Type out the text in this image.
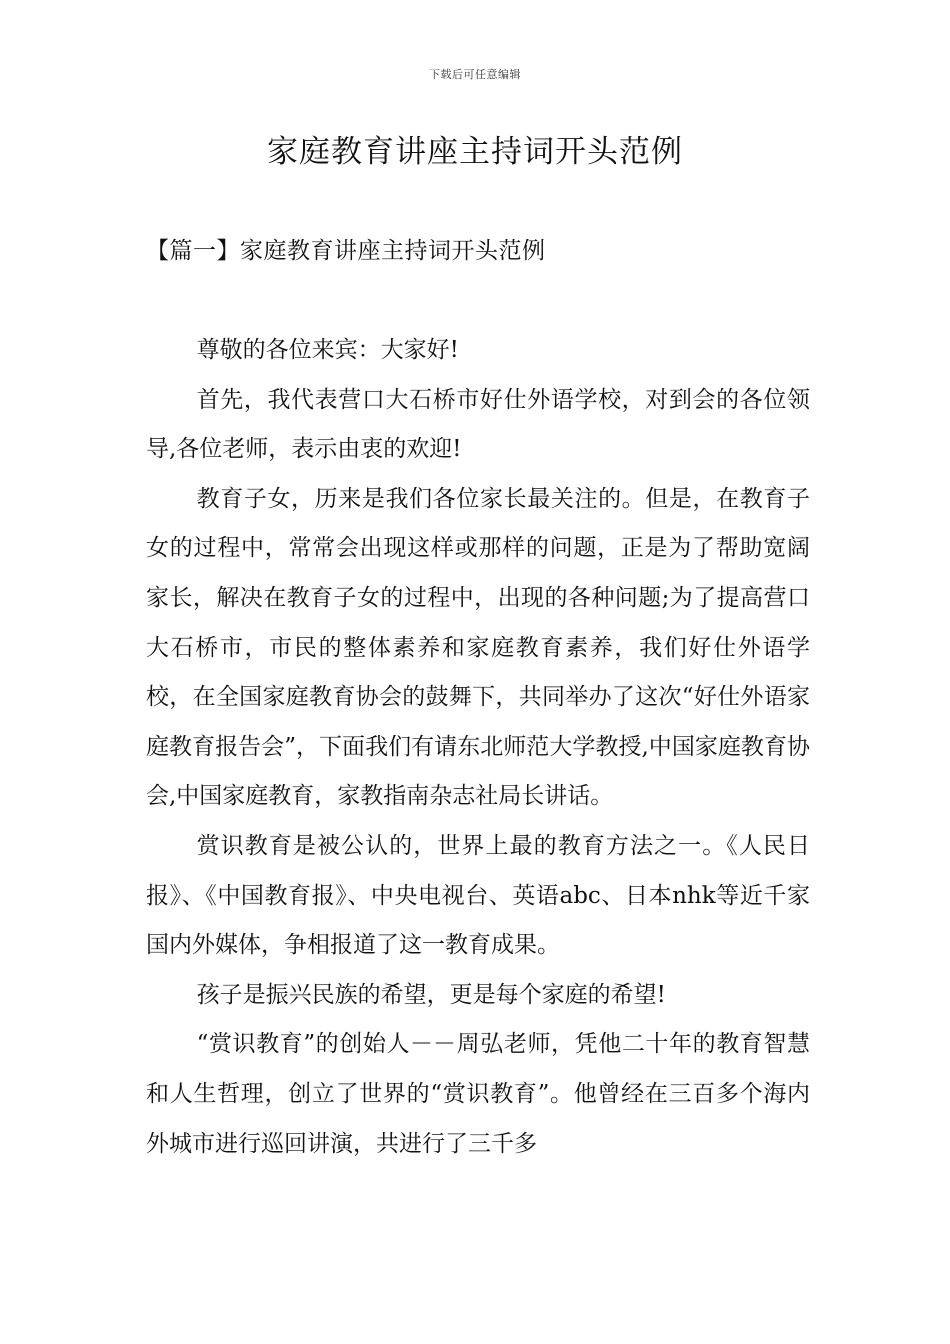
下载后可任意编辑
家庭教育讲座主持词开头范例
【篇一】家庭教育讲座主持词开头范例

尊敬的各位来宾：大家好!

首先，我代表营口大石桥市好仕外语学校，对到会的各位领导,各位老师，表示由衷的欢迎!

教育子女，历来是我们各位家长最关注的。但是，在教育子女的过程中，常常会出现这样或那样的问题，正是为了帮助宽阔家长，解决在教育子女的过程中，出现的各种问题;为了提高营口大石桥市，市民的整体素养和家庭教育素养，我们好仕外语学校，在全国家庭教育协会的鼓舞下，共同举办了这次“好仕外语家庭教育报告会”，下面我们有请东北师范大学教授,中国家庭教育协会,中国家庭教育，家教指南杂志社局长讲话。

赏识教育是被公认的，世界上最的教育方法之一。《人民日报》、《中国教育报》、中央电视台、英语abc、日本nhk等近千家国内外媒体，争相报道了这一教育成果。

孩子是振兴民族的希望，更是每个家庭的希望!

“赏识教育”的创始人－－周弘老师，凭他二十年的教育智慧和人生哲理，创立了世界的“赏识教育”。他曾经在三百多个海内外城市进行巡回讲演，共进行了三千多
